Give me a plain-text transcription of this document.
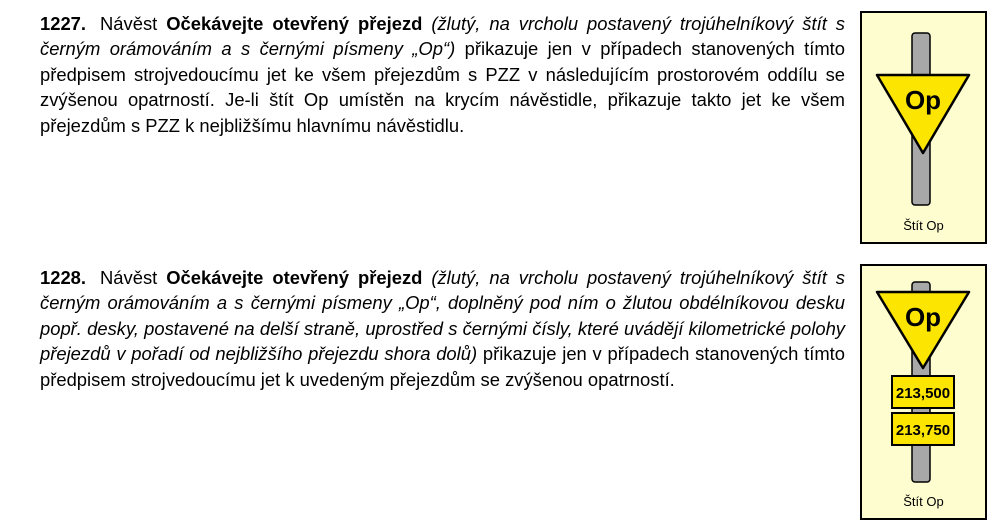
1227. Návěst Očekávejte otevřený přejezd (žlutý, na vrcholu postavený trojúhelníkový štít s černým orámováním a s černými písmeny „Op“) přikazuje jen v případech stanovených tímto předpisem strojvedoucímu jet ke všem přejezdům s PZZ v následujícím prostorovém oddílu se zvýšenou opatrností. Je-li štít Op umístěn na krycím návěstidle, přikazuje takto jet ke všem přejezdům s PZZ k nejbližšímu hlavnímu návěstidlu.
Op
Štít Op
1228. Návěst Očekávejte otevřený přejezd (žlutý, na vrcholu postavený trojúhelníkový štít s černým orámováním a s černými písmeny „Op“, doplněný pod ním o žlutou obdélníkovou desku popř. desky, postavené na delší straně, uprostřed s černými čísly, které uvádějí kilometrické polohy přejezdů v pořadí od nejbližšího přejezdu shora dolů) přikazuje jen v případech stanovených tímto předpisem strojvedoucímu jet k uvedeným přejezdům se zvýšenou opatrností.
Op
213,500
213,750
Štít Op
